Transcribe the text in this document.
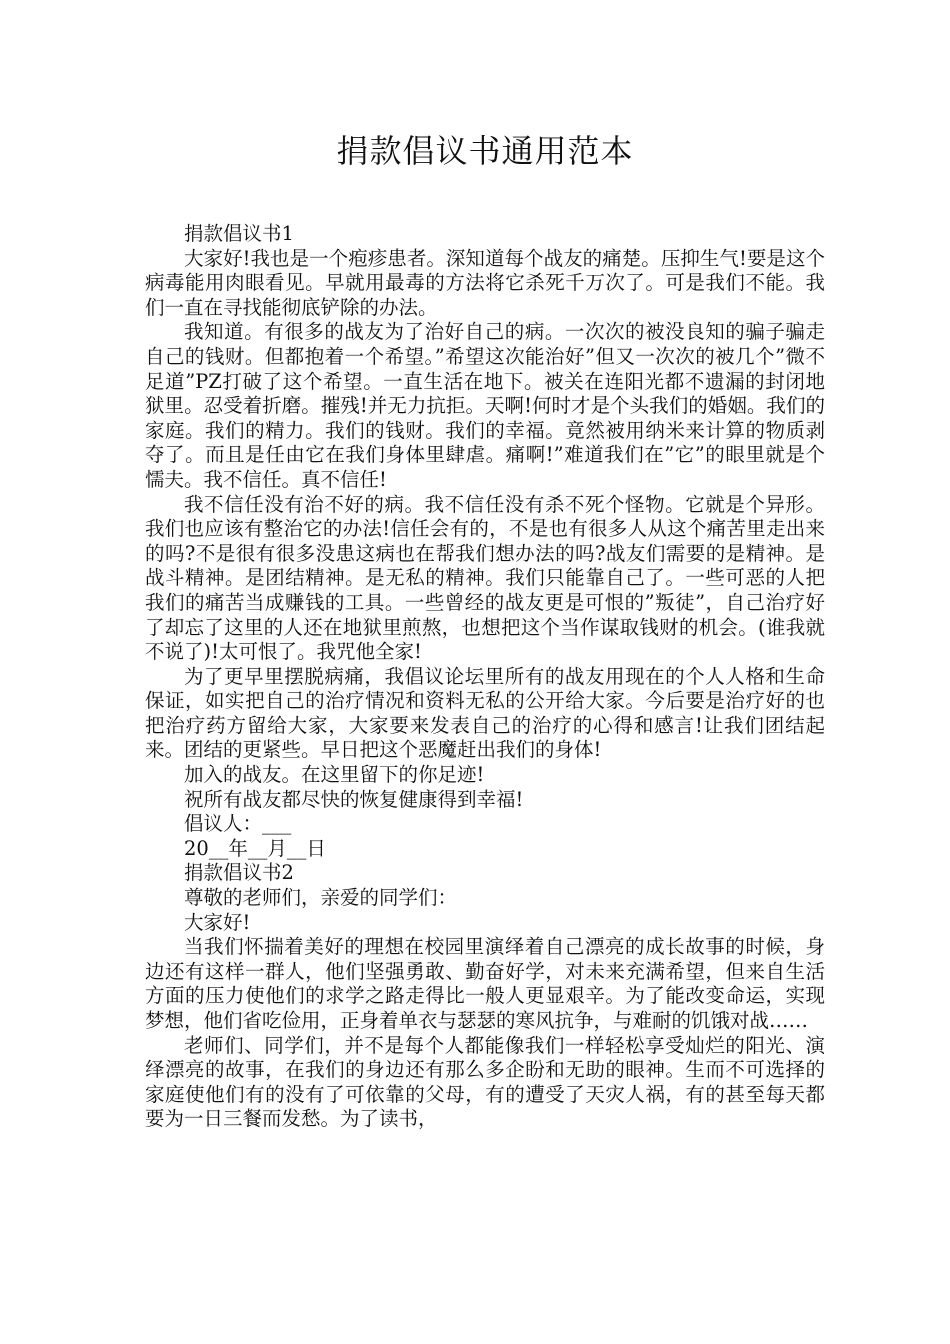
捐款倡议书通用范本

捐款倡议书1

大家好!我也是一个疱疹患者。深知道每个战友的痛楚。压抑生气!要是这个病毒能用肉眼看见。早就用最毒的方法将它杀死千万次了。可是我们不能。我们一直在寻找能彻底铲除的办法。

我知道。有很多的战友为了治好自己的病。一次次的被没良知的骗子骗走自己的钱财。但都抱着一个希望。”希望这次能治好”但又一次次的被几个”微不足道”PZ打破了这个希望。一直生活在地下。被关在连阳光都不遗漏的封闭地狱里。忍受着折磨。摧残!并无力抗拒。天啊!何时才是个头我们的婚姻。我们的家庭。我们的精力。我们的钱财。我们的幸福。竟然被用纳米来计算的物质剥夺了。而且是任由它在我们身体里肆虐。痛啊!”难道我们在”它”的眼里就是个懦夫。我不信任。真不信任!

我不信任没有治不好的病。我不信任没有杀不死个怪物。它就是个异形。我们也应该有整治它的办法!信任会有的，不是也有很多人从这个痛苦里走出来的吗?不是很有很多没患这病也在帮我们想办法的吗?战友们需要的是精神。是战斗精神。是团结精神。是无私的精神。我们只能靠自己了。一些可恶的人把我们的痛苦当成赚钱的工具。一些曾经的战友更是可恨的”叛徒”，自己治疗好了却忘了这里的人还在地狱里煎熬，也想把这个当作谋取钱财的机会。(谁我就不说了)!太可恨了。我咒他全家!

为了更早里摆脱病痛，我倡议论坛里所有的战友用现在的个人人格和生命保证，如实把自己的治疗情况和资料无私的公开给大家。今后要是治疗好的也把治疗药方留给大家，大家要来发表自己的治疗的心得和感言!让我们团结起来。团结的更紧些。早日把这个恶魔赶出我们的身体!

加入的战友。在这里留下的你足迹!

祝所有战友都尽快的恢复健康得到幸福!

倡议人：___

20__年__月__日

捐款倡议书2

尊敬的老师们，亲爱的同学们：

大家好!

当我们怀揣着美好的理想在校园里演绎着自己漂亮的成长故事的时候，身边还有这样一群人，他们坚强勇敢、勤奋好学，对未来充满希望，但来自生活方面的压力使他们的求学之路走得比一般人更显艰辛。为了能改变命运，实现梦想，他们省吃俭用，正身着单衣与瑟瑟的寒风抗争，与难耐的饥饿对战……

老师们、同学们，并不是每个人都能像我们一样轻松享受灿烂的阳光、演绎漂亮的故事，在我们的身边还有那么多企盼和无助的眼神。生而不可选择的家庭使他们有的没有了可依靠的父母，有的遭受了天灾人祸，有的甚至每天都要为一日三餐而发愁。为了读书，
